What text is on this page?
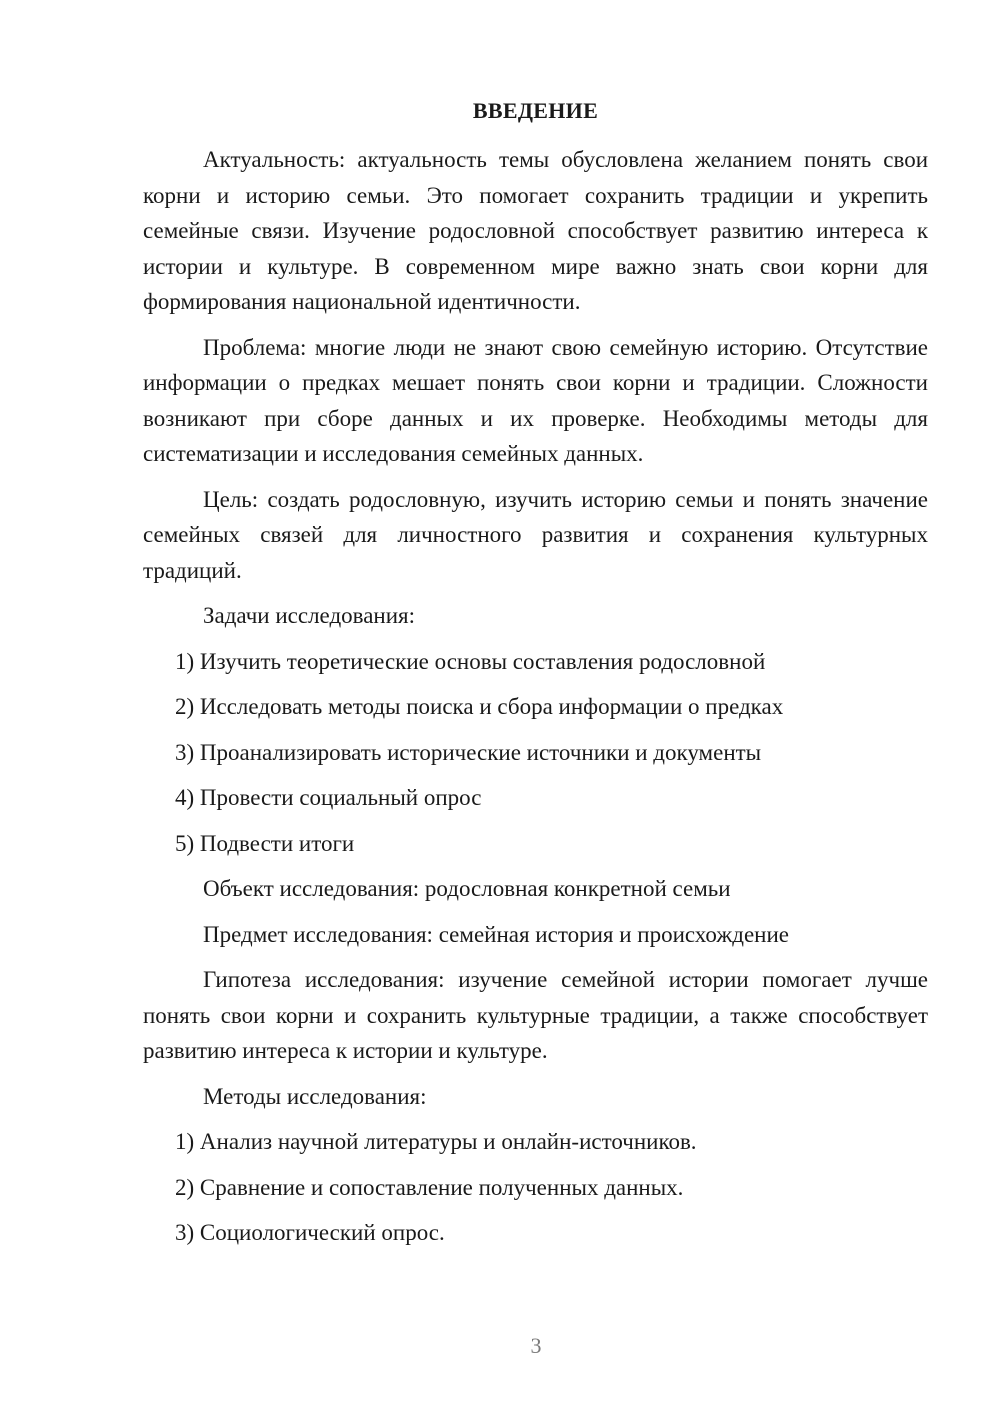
ВВЕДЕНИЕ

Актуальность: актуальность темы обусловлена желанием понять свои корни и историю семьи. Это помогает сохранить традиции и укрепить семейные связи. Изучение родословной способствует развитию интереса к истории и культуре. В современном мире важно знать свои корни для формирования национальной идентичности.

Проблема: многие люди не знают свою семейную историю. Отсутствие информации о предках мешает понять свои корни и традиции. Сложности возникают при сборе данных и их проверке. Необходимы методы для систематизации и исследования семейных данных.

Цель: создать родословную, изучить историю семьи и понять значение семейных связей для личностного развития и сохранения культурных традиций.

Задачи исследования:

1) Изучить теоретические основы составления родословной

2) Исследовать методы поиска и сбора информации о предках

3) Проанализировать исторические источники и документы

4) Провести социальный опрос

5) Подвести итоги

Объект исследования: родословная конкретной семьи

Предмет исследования: семейная история и происхождение

Гипотеза исследования: изучение семейной истории помогает лучше понять свои корни и сохранить культурные традиции, а также способствует развитию интереса к истории и культуре.

Методы исследования:

1) Анализ научной литературы и онлайн-источников.

2) Сравнение и сопоставление полученных данных.

3) Социологический опрос.

3
